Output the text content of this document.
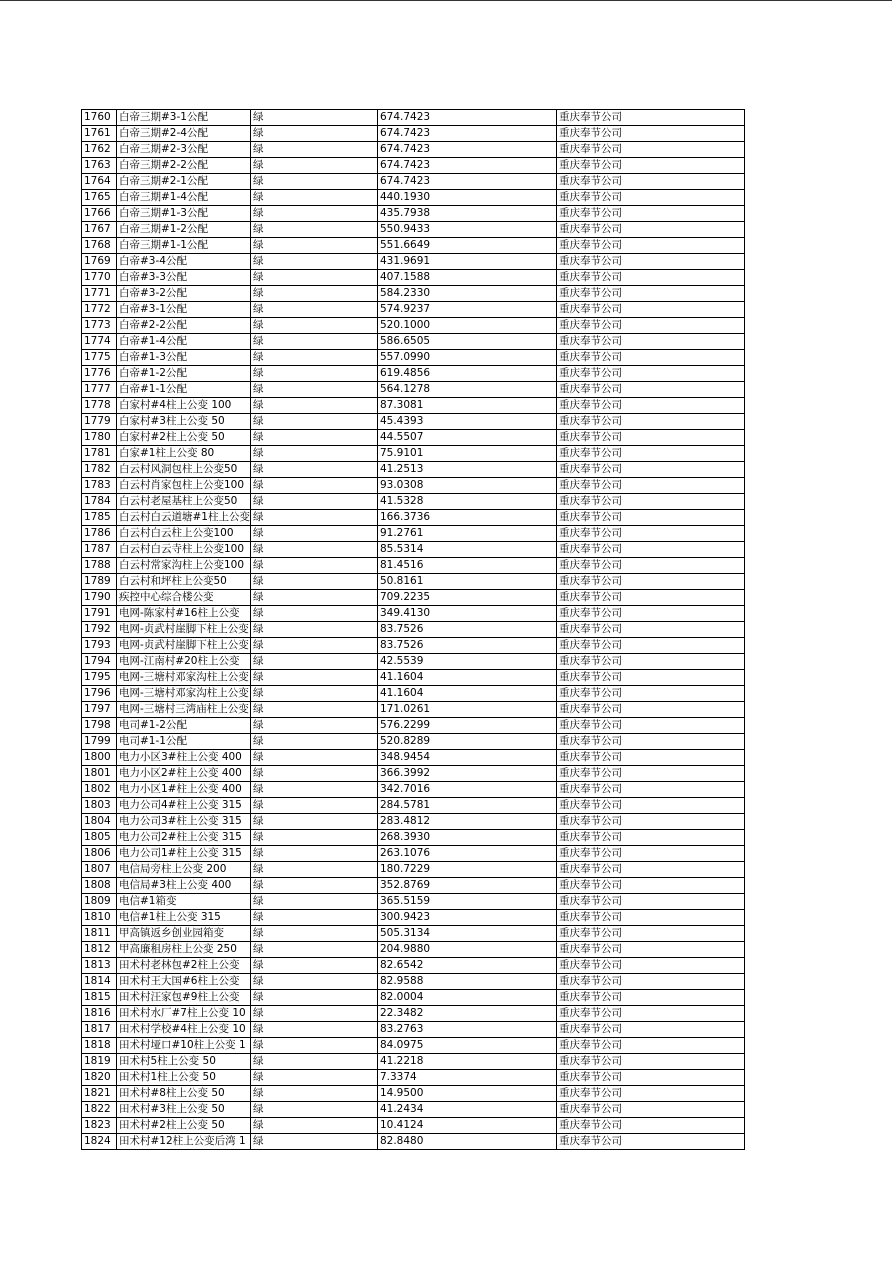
1760	白帝三期#3-1公配	绿	674.7423	重庆奉节公司
1761	白帝三期#2-4公配	绿	674.7423	重庆奉节公司
1762	白帝三期#2-3公配	绿	674.7423	重庆奉节公司
1763	白帝三期#2-2公配	绿	674.7423	重庆奉节公司
1764	白帝三期#2-1公配	绿	674.7423	重庆奉节公司
1765	白帝三期#1-4公配	绿	440.1930	重庆奉节公司
1766	白帝三期#1-3公配	绿	435.7938	重庆奉节公司
1767	白帝三期#1-2公配	绿	550.9433	重庆奉节公司
1768	白帝三期#1-1公配	绿	551.6649	重庆奉节公司
1769	白帝#3-4公配	绿	431.9691	重庆奉节公司
1770	白帝#3-3公配	绿	407.1588	重庆奉节公司
1771	白帝#3-2公配	绿	584.2330	重庆奉节公司
1772	白帝#3-1公配	绿	574.9237	重庆奉节公司
1773	白帝#2-2公配	绿	520.1000	重庆奉节公司
1774	白帝#1-4公配	绿	586.6505	重庆奉节公司
1775	白帝#1-3公配	绿	557.0990	重庆奉节公司
1776	白帝#1-2公配	绿	619.4856	重庆奉节公司
1777	白帝#1-1公配	绿	564.1278	重庆奉节公司
1778	白家村#4柱上公变 100	绿	87.3081	重庆奉节公司
1779	白家村#3柱上公变 50	绿	45.4393	重庆奉节公司
1780	白家村#2柱上公变 50	绿	44.5507	重庆奉节公司
1781	白家#1柱上公变 80	绿	75.9101	重庆奉节公司
1782	白云村风洞包柱上公变50	绿	41.2513	重庆奉节公司
1783	白云村肖家包柱上公变100	绿	93.0308	重庆奉节公司
1784	白云村老屋基柱上公变50	绿	41.5328	重庆奉节公司
1785	白云村白云道塘#1柱上公变	绿	166.3736	重庆奉节公司
1786	白云村白云柱上公变100	绿	91.2761	重庆奉节公司
1787	白云村白云寺柱上公变100	绿	85.5314	重庆奉节公司
1788	白云村常家沟柱上公变100	绿	81.4516	重庆奉节公司
1789	白云村和坪柱上公变50	绿	50.8161	重庆奉节公司
1790	疾控中心综合楼公变	绿	709.2235	重庆奉节公司
1791	电网-陈家村#16柱上公变	绿	349.4130	重庆奉节公司
1792	电网-贞武村崖脚下柱上公变	绿	83.7526	重庆奉节公司
1793	电网-贞武村崖脚下柱上公变	绿	83.7526	重庆奉节公司
1794	电网-江南村#20柱上公变	绿	42.5539	重庆奉节公司
1795	电网-三塘村邓家沟柱上公变	绿	41.1604	重庆奉节公司
1796	电网-三塘村邓家沟柱上公变	绿	41.1604	重庆奉节公司
1797	电网-三塘村三湾庙柱上公变	绿	171.0261	重庆奉节公司
1798	电司#1-2公配	绿	576.2299	重庆奉节公司
1799	电司#1-1公配	绿	520.8289	重庆奉节公司
1800	电力小区3#柱上公变 400	绿	348.9454	重庆奉节公司
1801	电力小区2#柱上公变 400	绿	366.3992	重庆奉节公司
1802	电力小区1#柱上公变 400	绿	342.7016	重庆奉节公司
1803	电力公司4#柱上公变 315	绿	284.5781	重庆奉节公司
1804	电力公司3#柱上公变 315	绿	283.4812	重庆奉节公司
1805	电力公司2#柱上公变 315	绿	268.3930	重庆奉节公司
1806	电力公司1#柱上公变 315	绿	263.1076	重庆奉节公司
1807	电信局旁柱上公变 200	绿	180.7229	重庆奉节公司
1808	电信局#3柱上公变 400	绿	352.8769	重庆奉节公司
1809	电信#1箱变	绿	365.5159	重庆奉节公司
1810	电信#1柱上公变 315	绿	300.9423	重庆奉节公司
1811	甲高镇返乡创业园箱变	绿	505.3134	重庆奉节公司
1812	甲高廉租房柱上公变 250	绿	204.9880	重庆奉节公司
1813	田术村老林包#2柱上公变	绿	82.6542	重庆奉节公司
1814	田术村王大国#6柱上公变	绿	82.9588	重庆奉节公司
1815	田术村汪家包#9柱上公变	绿	82.0004	重庆奉节公司
1816	田术村水厂#7柱上公变 10	绿	22.3482	重庆奉节公司
1817	田术村学校#4柱上公变 10	绿	83.2763	重庆奉节公司
1818	田术村垭口#10柱上公变 1	绿	84.0975	重庆奉节公司
1819	田术村5柱上公变 50	绿	41.2218	重庆奉节公司
1820	田术村1柱上公变 50	绿	7.3374	重庆奉节公司
1821	田术村#8柱上公变 50	绿	14.9500	重庆奉节公司
1822	田术村#3柱上公变 50	绿	41.2434	重庆奉节公司
1823	田术村#2柱上公变 50	绿	10.4124	重庆奉节公司
1824	田术村#12柱上公变后湾 1	绿	82.8480	重庆奉节公司
